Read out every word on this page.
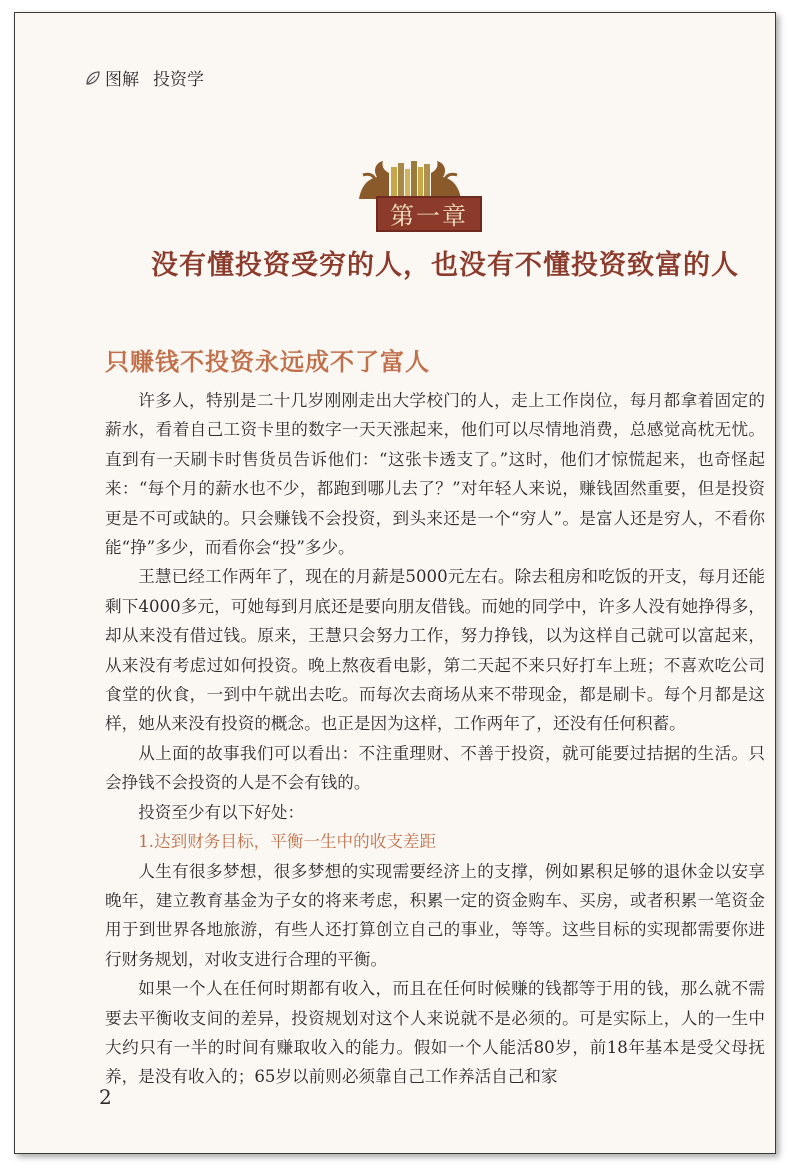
图解 投资学
第一章
没有懂投资受穷的人，也没有不懂投资致富的人
只赚钱不投资永远成不了富人

许多人，特别是二十几岁刚刚走出大学校门的人，走上工作岗位，每月都拿着固定的薪水，看着自己工资卡里的数字一天天涨起来，他们可以尽情地消费，总感觉高枕无忧。直到有一天刷卡时售货员告诉他们：“这张卡透支了。”这时，他们才惊慌起来，也奇怪起来：“每个月的薪水也不少，都跑到哪儿去了？”对年轻人来说，赚钱固然重要，但是投资更是不可或缺的。只会赚钱不会投资，到头来还是一个“穷人”。是富人还是穷人，不看你能“挣”多少，而看你会“投”多少。

王慧已经工作两年了，现在的月薪是5000元左右。除去租房和吃饭的开支，每月还能剩下4000多元，可她每到月底还是要向朋友借钱。而她的同学中，许多人没有她挣得多，却从来没有借过钱。原来，王慧只会努力工作，努力挣钱，以为这样自己就可以富起来，从来没有考虑过如何投资。晚上熬夜看电影，第二天起不来只好打车上班；不喜欢吃公司食堂的伙食，一到中午就出去吃。而每次去商场从来不带现金，都是刷卡。每个月都是这样，她从来没有投资的概念。也正是因为这样，工作两年了，还没有任何积蓄。

从上面的故事我们可以看出：不注重理财、不善于投资，就可能要过拮据的生活。只会挣钱不会投资的人是不会有钱的。

投资至少有以下好处：

1.达到财务目标，平衡一生中的收支差距

人生有很多梦想，很多梦想的实现需要经济上的支撑，例如累积足够的退休金以安享晚年，建立教育基金为子女的将来考虑，积累一定的资金购车、买房，或者积累一笔资金用于到世界各地旅游，有些人还打算创立自己的事业，等等。这些目标的实现都需要你进行财务规划，对收支进行合理的平衡。

如果一个人在任何时期都有收入，而且在任何时候赚的钱都等于用的钱，那么就不需要去平衡收支间的差异，投资规划对这个人来说就不是必须的。可是实际上，人的一生中大约只有一半的时间有赚取收入的能力。假如一个人能活80岁，前18年基本是受父母抚养，是没有收入的；65岁以前则必须靠自己工作养活自己和家

2
